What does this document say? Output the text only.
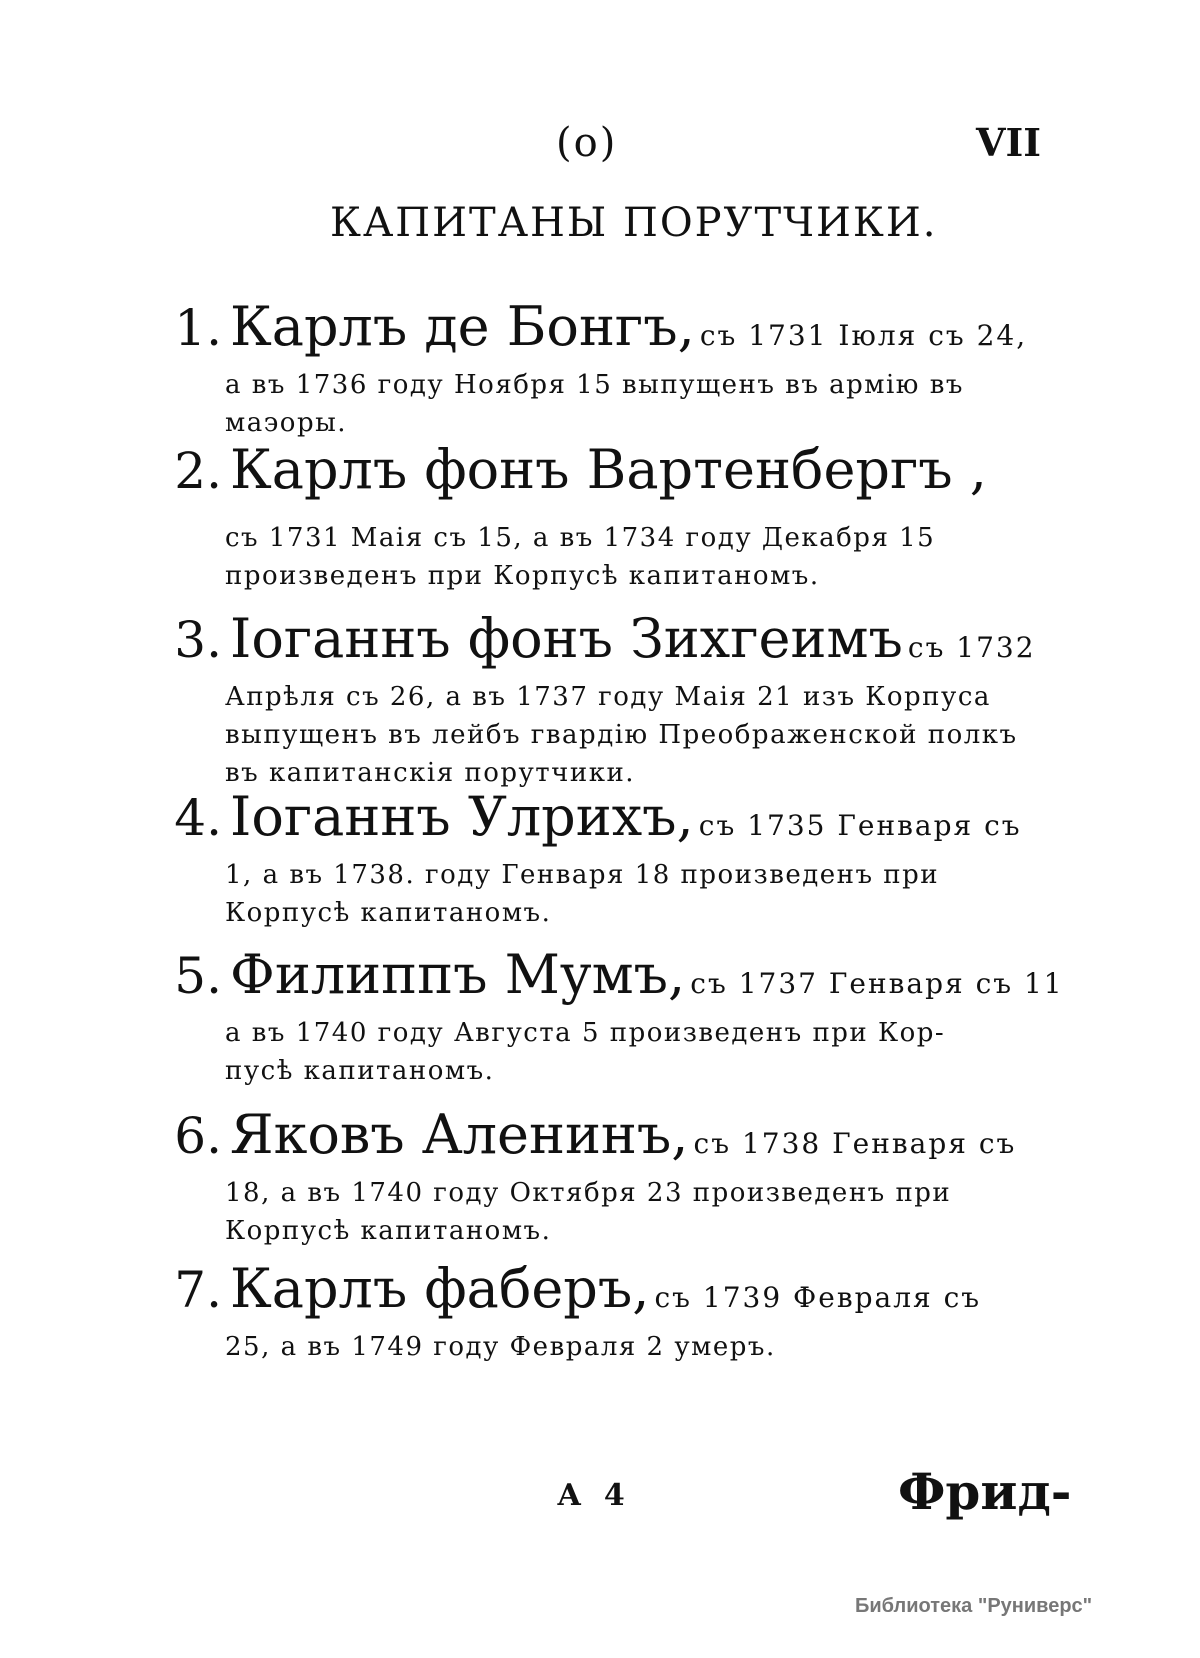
(о)	VII
КАПИТАНЫ ПОРУТЧИКИ.
1. Карлъ де Бонгъ, съ 1731 Іюля съ 24,
а въ 1736 году Ноября 15 выпущенъ въ армію въ
маэоры.
2. Карлъ фонъ Вартенбергъ ,
съ 1731 Маія съ 15, а въ 1734 году Декабря 15
произведенъ при Корпусѣ капитаномъ.
3. Іоганнъ фонъ Зихгеимъ съ 1732
Апрѣля съ 26, а въ 1737 году Маія 21 изъ Корпуса
выпущенъ въ лейбъ гвардію Преображенской полкъ
въ капитанскія порутчики.
4. Іоганнъ Улрихъ, съ 1735 Генваря съ
1, а въ 1738. году Генваря 18 произведенъ при
Корпусѣ капитаномъ.
5. Филиппъ Мумъ, съ 1737 Генваря съ 11
а въ 1740 году Августа 5 произведенъ при Кор-
пусѣ капитаномъ.
6. Яковъ Аленинъ, съ 1738 Генваря съ
18, а въ 1740 году Октября 23 произведенъ при
Корпусѣ капитаномъ.
7. Карлъ фаберъ, съ 1739 Февраля съ
25, а въ 1749 году Февраля 2 умеръ.
А 4	Фрид-
Библиотека "Руниверс"
